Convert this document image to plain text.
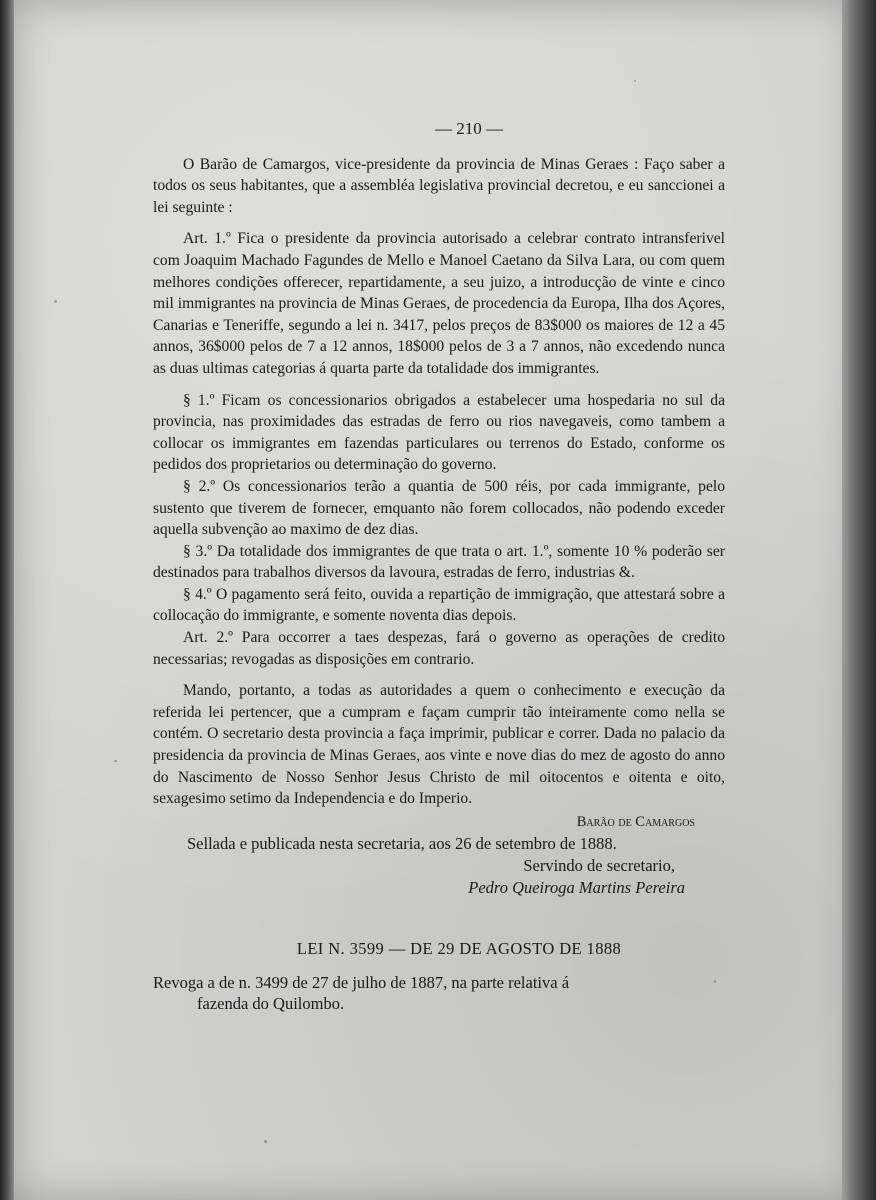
— 210 —

O Barão de Camargos, vice-presidente da provincia de Minas Geraes : Faço saber a todos os seus habitantes, que a assembléa legislativa provincial decretou, e eu sanccionei a lei seguinte :

Art. 1.º Fica o presidente da provincia autorisado a celebrar contrato intransferivel com Joaquim Machado Fagundes de Mello e Manoel Caetano da Silva Lara, ou com quem melhores condições offerecer, repartidamente, a seu juizo, a introducção de vinte e cinco mil immigrantes na provincia de Minas Geraes, de procedencia da Europa, Ilha dos Açores, Canarias e Teneriffe, segundo a lei n. 3417, pelos preços de 83$000 os maiores de 12 a 45 annos, 36$000 pelos de 7 a 12 annos, 18$000 pelos de 3 a 7 annos, não excedendo nunca as duas ultimas categorias á quarta parte da totalidade dos immigrantes.

§ 1.º Ficam os concessionarios obrigados a estabelecer uma hospedaria no sul da provincia, nas proximidades das estradas de ferro ou rios navegaveis, como tambem a collocar os immigrantes em fazendas particulares ou terrenos do Estado, conforme os pedidos dos proprietarios ou determinação do governo.

§ 2.º Os concessionarios terão a quantia de 500 réis, por cada immigrante, pelo sustento que tiverem de fornecer, emquanto não forem collocados, não podendo exceder aquella subvenção ao maximo de dez dias.

§ 3.º Da totalidade dos immigrantes de que trata o art. 1.º, somente 10 % poderão ser destinados para trabalhos diversos da lavoura, estradas de ferro, industrias &.

§ 4.º O pagamento será feito, ouvida a repartição de immigração, que attestará sobre a collocação do immigrante, e somente noventa dias depois.

Art. 2.º Para occorrer a taes despezas, fará o governo as operações de credito necessarias; revogadas as disposições em contrario.

Mando, portanto, a todas as autoridades a quem o conhecimento e execução da referida lei pertencer, que a cumpram e façam cumprir tão inteiramente como nella se contém. O secretario desta provincia a faça imprimir, publicar e correr. Dada no palacio da presidencia da provincia de Minas Geraes, aos vinte e nove dias do mez de agosto do anno do Nascimento de Nosso Senhor Jesus Christo de mil oitocentos e oitenta e oito, sexagesimo setimo da Independencia e do Imperio.

Barão de Camargos

Sellada e publicada nesta secretaria, aos 26 de setembro de 1888.

Servindo de secretario,
Pedro Queiroga Martins Pereira
LEI N. 3599 — DE 29 DE AGOSTO DE 1888
Revoga a de n. 3499 de 27 de julho de 1887, na parte relativa á
fazenda do Quilombo.
